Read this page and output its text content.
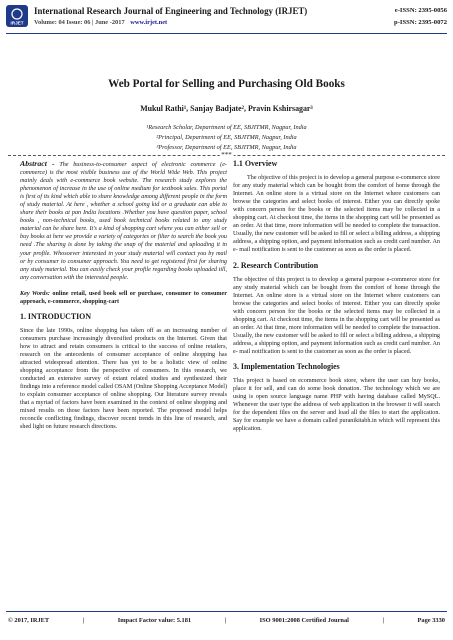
IRJET
International Research Journal of Engineering and Technology (IRJET)
Volume: 04 Issue: 06 | June -2017 www.irjet.net
e-ISSN: 2395-0056
p-ISSN: 2395-0072
Web Portal for Selling and Purchasing Old Books
Mukul Rathi¹, Sanjay Badjate², Pravin Kshirsagar³
¹Research Scholar, Department of EE, SBJITMR, Nagpur, India
²Principal, Department of EE, SBJITMR, Nagpur, India
³Professor, Department of EE, SBJITMR, Nagpur, India
***

Abstract - The business-to-consumer aspect of electronic commerce (e-commerce) is the most visible business use of the World Wide Web. This project mainly deals with e-commerce book website. The research study explores the phenomenon of increase in the use of online medium for textbook sales. This portal is first of its kind which able to share knowledge among different people in the form of study material. At here , whether a school going kid or a graduate can able to share their books at pan India locations .Whether you have question paper, school books , non-technical books, used book technical books related to any study material can be share here. It's a kind of shopping cart where you can either sell or buy books at here we provide a variety of categories or filter to search the book you need .The sharing is done by taking the snap of the material and uploading it in your profile. Whosoever interested in your study material will contact you by mail or by consumer to consumer approach. You need to get registered first for sharing any study material. You can easily check your profile regarding books uploaded till, any conversation with the interested people.

Key Words: online retail, used book sell or purchase, consumer to consumer approach, e-commerce, shopping-cart

1. INTRODUCTION

Since the late 1990s, online shopping has taken off as an increasing number of consumers purchase increasingly diversified products on the Internet. Given that how to attract and retain consumers is critical to the success of online retailers, research on the antecedents of consumer acceptance of online shopping has attracted widespread attention. There has yet to be a holistic view of online shopping acceptance from the perspective of consumers. In this research, we conducted an extensive survey of extant related studies and synthesized their findings into a reference model called OSAM (Online Shopping Acceptance Model) to explain consumer acceptance of online shopping. Our literature survey reveals that a myriad of factors have been examined in the context of online shopping and mixed results on those factors have been reported. The proposed model helps reconcile conflicting findings, discover recent trends in this line of research, and shed light on future research directions.

1.1 Overview

The objective of this project is to develop a general purpose e-commerce store for any study material which can be bought from the comfort of home through the Internet. An online store is a virtual store on the Internet where customers can browse the categories and select books of interest. Either you can directly spoke with concern person for the books or the selected items may be collected in a shopping cart. At checkout time, the items in the shopping cart will be presented as an order. At that time, more information will be needed to complete the transaction. Usually, the new customer will be asked to fill or select a billing address, a shipping address, a shipping option, and payment information such as credit card number. An e- mail notification is sent to the customer as soon as the order is placed.

2. Research Contribution

The objective of this project is to develop a general purpose e-commerce store for any study material which can be bought from the comfort of home through the Internet. An online store is a virtual store on the Internet where customers can browse the categories and select books of interest. Either you can directly spoke with concern person for the books or the selected items may be collected in a shopping cart. At checkout time, the items in the shopping cart will be presented as an order. At that time, more information will be needed to complete the transaction. Usually, the new customer will be asked to fill or select a billing address, a shipping address, a shipping option, and payment information such as credit card number. An e- mail notification is sent to the customer as soon as the order is placed.

3. Implementation Technologies

This project is based on ecommerce book store, where the user can buy books, place it for sell, and can do some book donation. The technology which we are using is open source language name PHP with having database called MySQL. Whenever the user type the address of web application in the browser it will search for the dependent files on the server and load all the files to start the application. Say for example we have a domain called puranikitabh.in which will represent this application.

© 2017, IRJET	|	Impact Factor value: 5.181	|	ISO 9001:2008 Certified Journal	|	Page 3330
